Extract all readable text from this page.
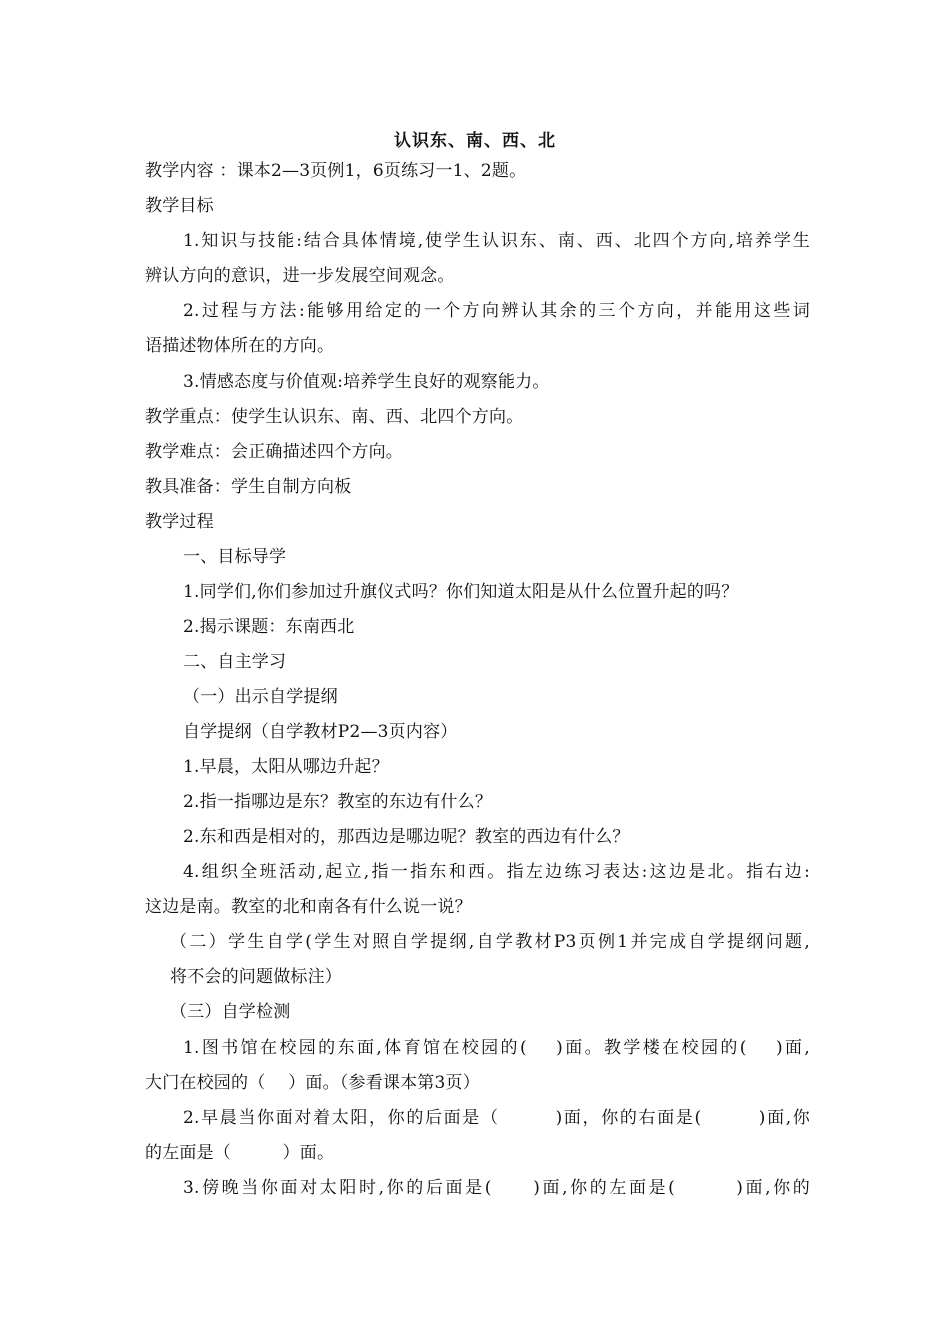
认识东、南、西、北
教学内容 ：课本2—3页例1，6页练习一1、2题。
教学目标
1.知识与技能:结合具体情境,使学生认识东、南、西、北四个方向,培养学生
辨认方向的意识，进一步发展空间观念。
2.过程与方法:能够用给定的一个方向辨认其余的三个方向，并能用这些词
语描述物体所在的方向。
3.情感态度与价值观:培养学生良好的观察能力。
教学重点：使学生认识东、南、西、北四个方向。
教学难点：会正确描述四个方向。
教具准备：学生自制方向板
教学过程
一、目标导学
1.同学们,你们参加过升旗仪式吗？你们知道太阳是从什么位置升起的吗？
2.揭示课题：东南西北
二、自主学习
（一）出示自学提纲
自学提纲（自学教材P2—3页内容）
1.早晨，太阳从哪边升起？
2.指一指哪边是东？教室的东边有什么？
2.东和西是相对的，那西边是哪边呢？教室的西边有什么？
4.组织全班活动,起立,指一指东和西。指左边练习表达:这边是北。指右边:
这边是南。教室的北和南各有什么说一说？
（二）学生自学(学生对照自学提纲,自学教材P3页例1并完成自学提纲问题,
将不会的问题做标注）
（三）自学检测
1.图书馆在校园的东面,体育馆在校园的(　 )面。教学楼在校园的(　 )面,
大门在校园的（　 ）面。（参看课本第3页）
2.早晨当你面对着太阳，你的后面是（　　　)面，你的右面是(　　　)面,你
的左面是（　　　）面。
3.傍晚当你面对太阳时,你的后面是(　　)面,你的左面是(　　　)面,你的
